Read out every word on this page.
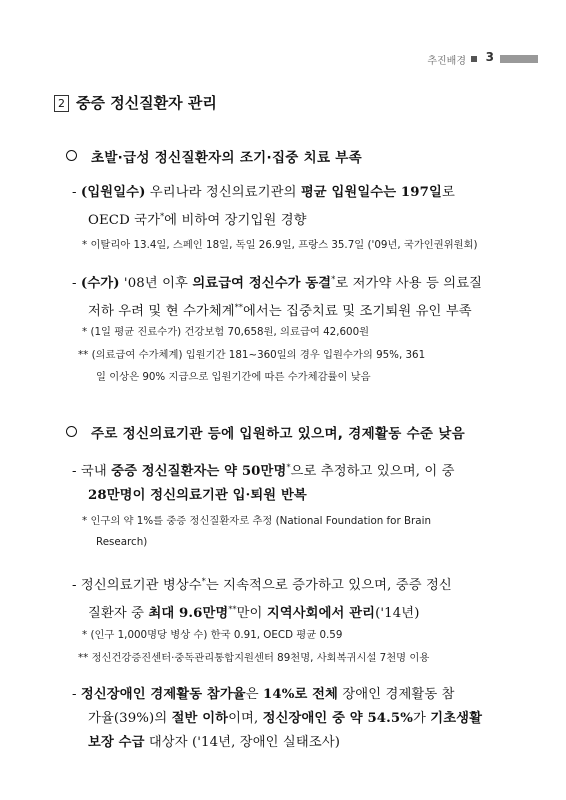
추진배경 3
2 중증 정신질환자 관리
초발·급성 정신질환자의 조기·집중 치료 부족
- (입원일수) 우리나라 정신의료기관의 평균 입원일수는 197일로
OECD 국가*에 비하여 장기입원 경향
* 이탈리아 13.4일, 스페인 18일, 독일 26.9일, 프랑스 35.7일 ('09년, 국가인권위원회)
- (수가) '08년 이후 의료급여 정신수가 동결*로 저가약 사용 등 의료질
저하 우려 및 현 수가체계**에서는 집중치료 및 조기퇴원 유인 부족
* (1일 평균 진료수가) 건강보험 70,658원, 의료급여 42,600원
** (의료급여 수가체계) 입원기간 181~360일의 경우 입원수가의 95%, 361
일 이상은 90% 지급으로 입원기간에 따른 수가체감률이 낮음
주로 정신의료기관 등에 입원하고 있으며, 경제활동 수준 낮음
- 국내 중증 정신질환자는 약 50만명*으로 추정하고 있으며, 이 중
28만명이 정신의료기관 입·퇴원 반복
* 인구의 약 1%를 중증 정신질환자로 추정 (National Foundation for Brain
Research)
- 정신의료기관 병상수*는 지속적으로 증가하고 있으며, 중증 정신
질환자 중 최대 9.6만명**만이 지역사회에서 관리('14년)
* (인구 1,000명당 병상 수) 한국 0.91, OECD 평균 0.59
** 정신건강증진센터·중독관리통합지원센터 89천명, 사회복귀시설 7천명 이용
- 정신장애인 경제활동 참가율은 14%로 전체 장애인 경제활동 참
가율(39%)의 절반 이하이며, 정신장애인 중 약 54.5%가 기초생활
보장 수급 대상자 ('14년, 장애인 실태조사)
